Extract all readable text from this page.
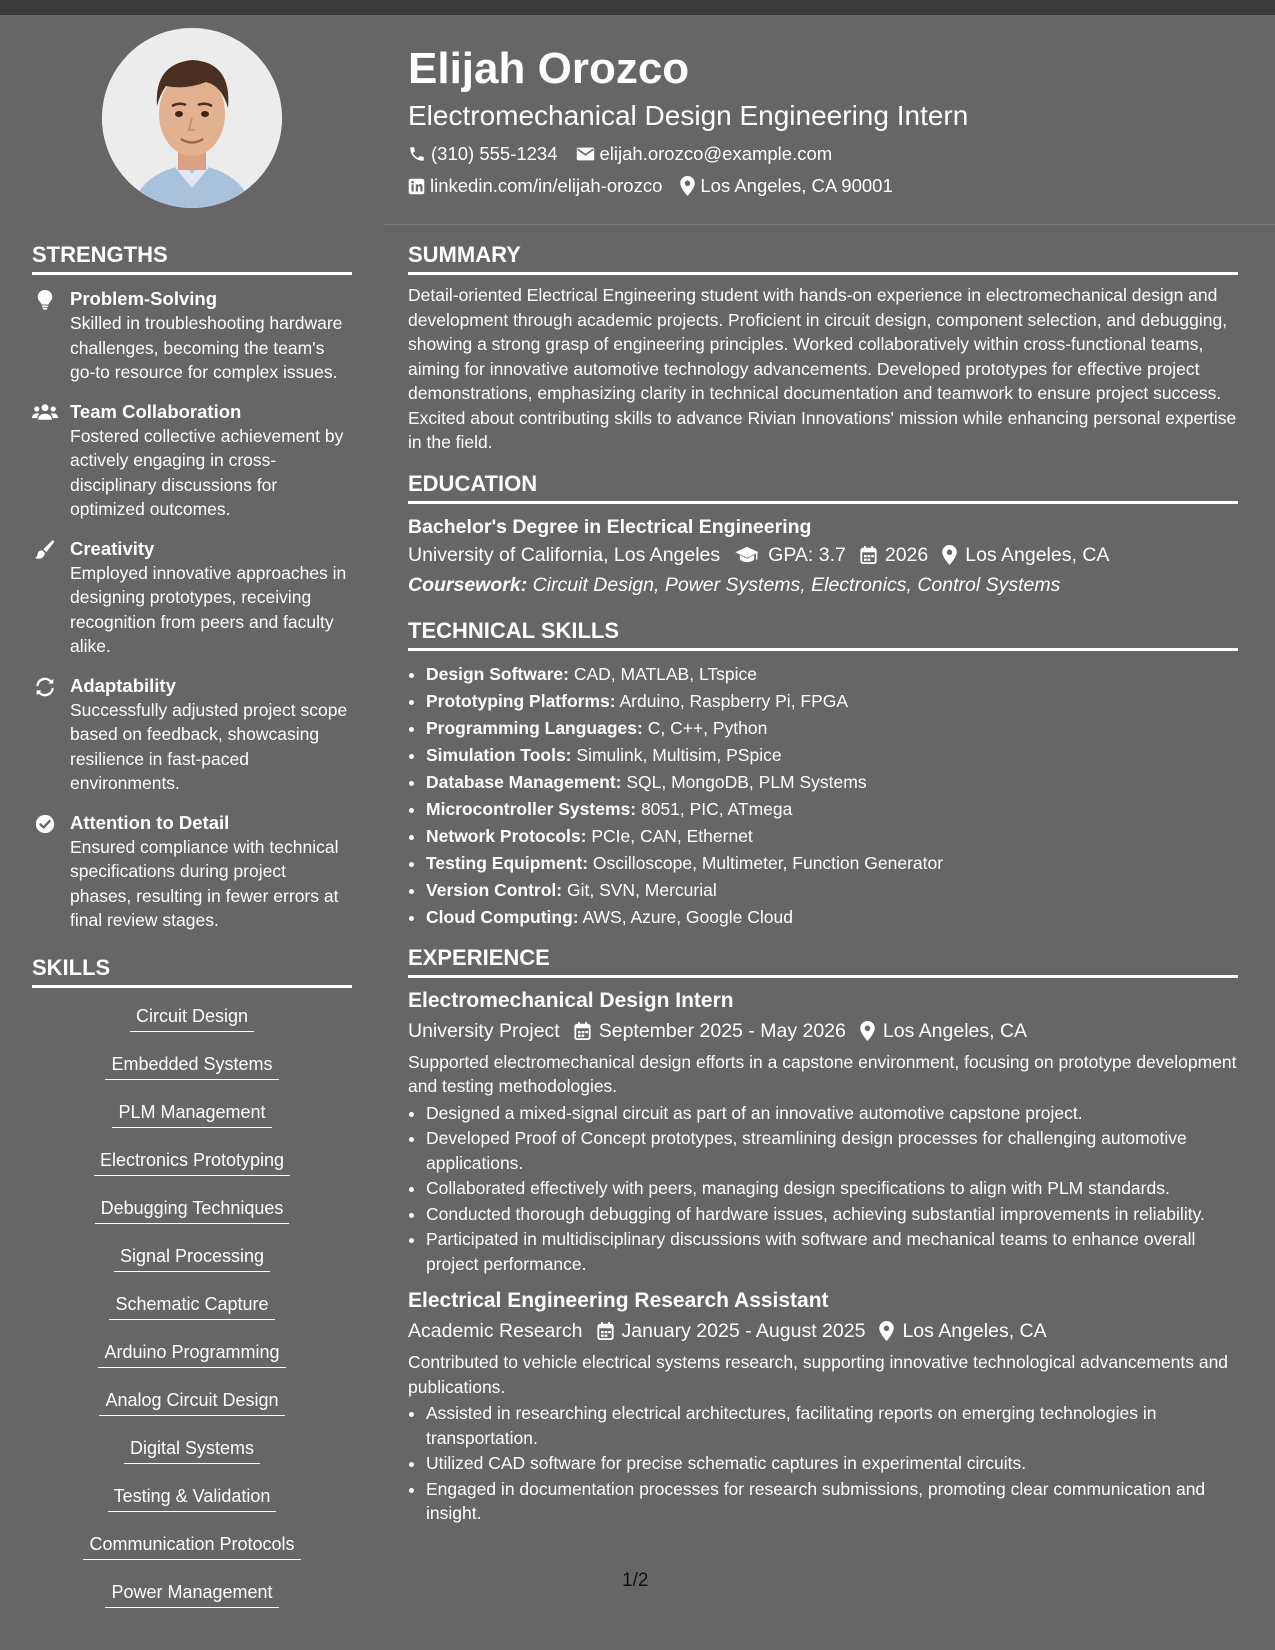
Elijah Orozco
Electromechanical Design Engineering Intern
(310) 555-1234 elijah.orozco@example.com
linkedin.com/in/elijah-orozco Los Angeles, CA 90001
STRENGTHS
Problem-Solving
Skilled in troubleshooting hardware challenges, becoming the team's go-to resource for complex issues.
Team Collaboration
Fostered collective achievement by actively engaging in cross-disciplinary discussions for optimized outcomes.
Creativity
Employed innovative approaches in designing prototypes, receiving recognition from peers and faculty alike.
Adaptability
Successfully adjusted project scope based on feedback, showcasing resilience in fast-paced environments.
Attention to Detail
Ensured compliance with technical specifications during project phases, resulting in fewer errors at final review stages.
SKILLS
Circuit Design
Embedded Systems
PLM Management
Electronics Prototyping
Debugging Techniques
Signal Processing
Schematic Capture
Arduino Programming
Analog Circuit Design
Digital Systems
Testing & Validation
Communication Protocols
Power Management
SUMMARY
Detail-oriented Electrical Engineering student with hands-on experience in electromechanical design and development through academic projects. Proficient in circuit design, component selection, and debugging, showing a strong grasp of engineering principles. Worked collaboratively within cross-functional teams, aiming for innovative automotive technology advancements. Developed prototypes for effective project demonstrations, emphasizing clarity in technical documentation and teamwork to ensure project success. Excited about contributing skills to advance Rivian Innovations' mission while enhancing personal expertise in the field.
EDUCATION
Bachelor's Degree in Electrical Engineering
University of California, Los Angeles GPA: 3.7 2026 Los Angeles, CA
Coursework: Circuit Design, Power Systems, Electronics, Control Systems
TECHNICAL SKILLS
• Design Software: CAD, MATLAB, LTspice
• Prototyping Platforms: Arduino, Raspberry Pi, FPGA
• Programming Languages: C, C++, Python
• Simulation Tools: Simulink, Multisim, PSpice
• Database Management: SQL, MongoDB, PLM Systems
• Microcontroller Systems: 8051, PIC, ATmega
• Network Protocols: PCIe, CAN, Ethernet
• Testing Equipment: Oscilloscope, Multimeter, Function Generator
• Version Control: Git, SVN, Mercurial
• Cloud Computing: AWS, Azure, Google Cloud
EXPERIENCE
Electromechanical Design Intern
University Project September 2025 - May 2026 Los Angeles, CA
Supported electromechanical design efforts in a capstone environment, focusing on prototype development and testing methodologies.
• Designed a mixed-signal circuit as part of an innovative automotive capstone project.
• Developed Proof of Concept prototypes, streamlining design processes for challenging automotive applications.
• Collaborated effectively with peers, managing design specifications to align with PLM standards.
• Conducted thorough debugging of hardware issues, achieving substantial improvements in reliability.
• Participated in multidisciplinary discussions with software and mechanical teams to enhance overall project performance.
Electrical Engineering Research Assistant
Academic Research January 2025 - August 2025 Los Angeles, CA
Contributed to vehicle electrical systems research, supporting innovative technological advancements and publications.
• Assisted in researching electrical architectures, facilitating reports on emerging technologies in transportation.
• Utilized CAD software for precise schematic captures in experimental circuits.
• Engaged in documentation processes for research submissions, promoting clear communication and insight.
1/2
